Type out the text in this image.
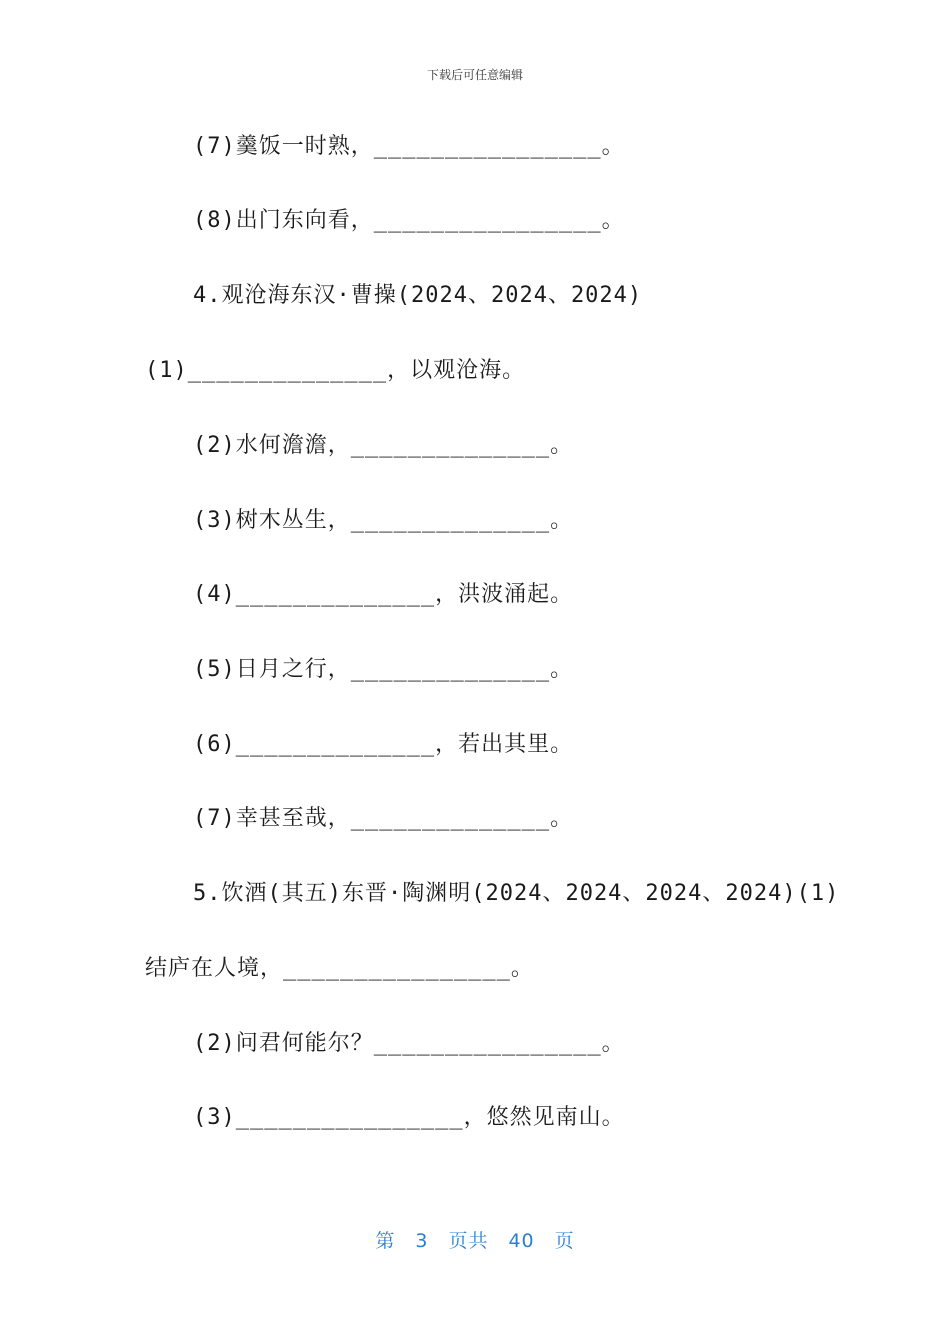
下载后可任意编辑
(7)羹饭一时熟，________________。
(8)出门东向看，________________。
4.观沧海东汉·曹操(2024、2024、2024)
(1)______________，以观沧海。
(2)水何澹澹，______________。
(3)树木丛生，______________。
(4)______________，洪波涌起。
(5)日月之行，______________。
(6)______________，若出其里。
(7)幸甚至哉，______________。
5.饮酒(其五)东晋·陶渊明(2024、2024、2024、2024)(1)
结庐在人境，________________。
(2)问君何能尔？________________。
(3)________________，悠然见南山。
第 3 页共 40 页
